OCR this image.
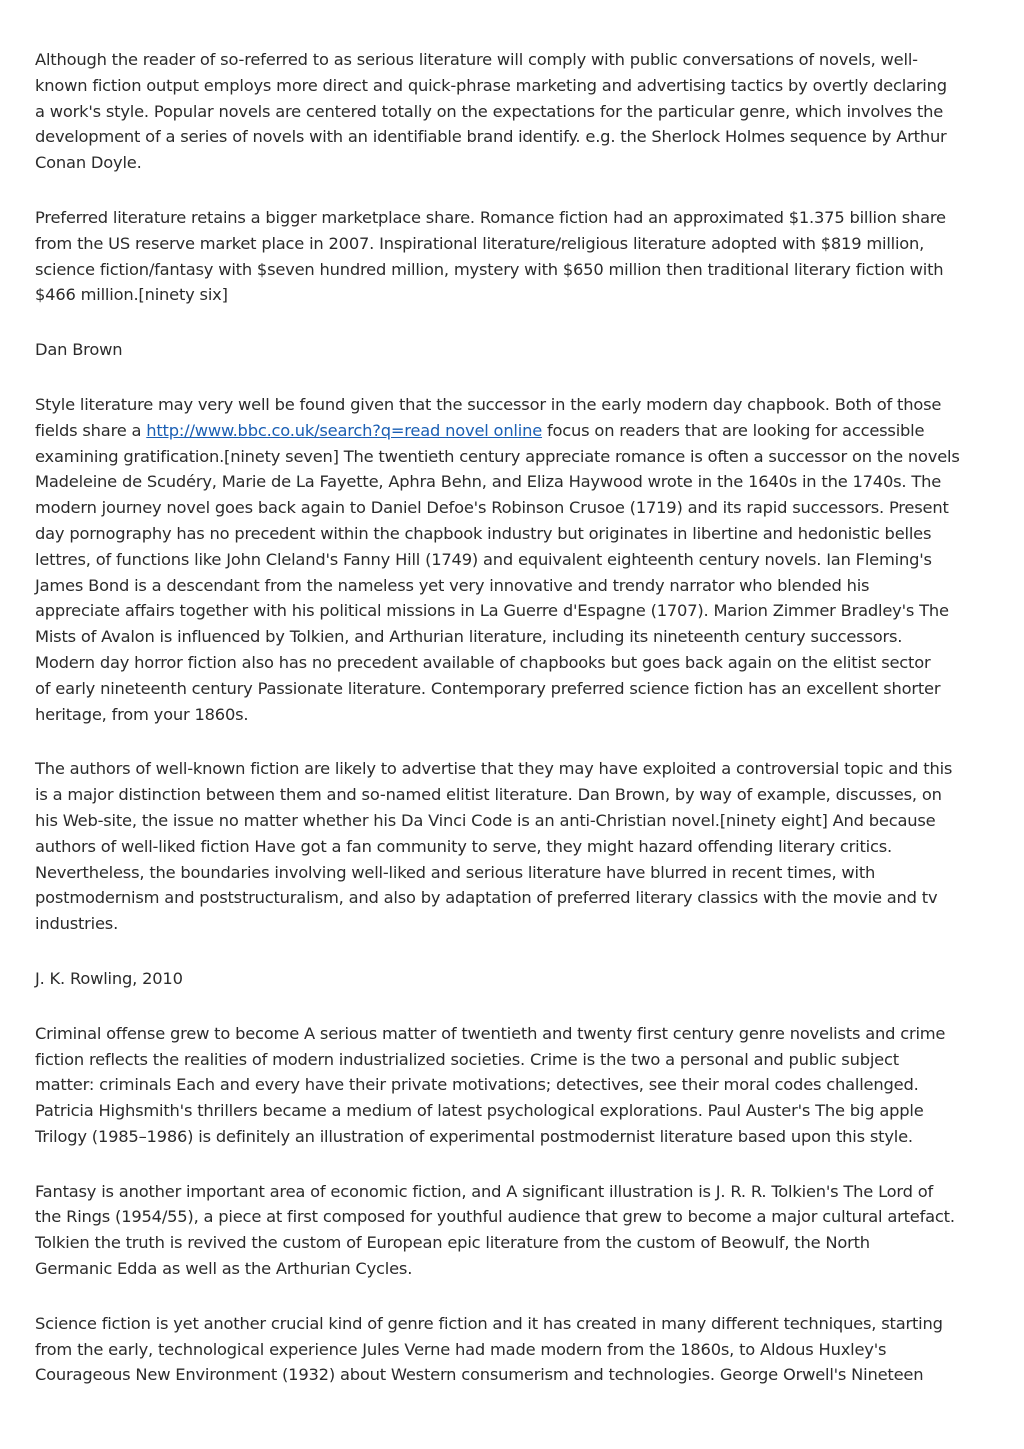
Although the reader of so-referred to as serious literature will comply with public conversations of novels, well-
known fiction output employs more direct and quick-phrase marketing and advertising tactics by overtly declaring
a work's style. Popular novels are centered totally on the expectations for the particular genre, which involves the
development of a series of novels with an identifiable brand identify. e.g. the Sherlock Holmes sequence by Arthur
Conan Doyle.

Preferred literature retains a bigger marketplace share. Romance fiction had an approximated $1.375 billion share
from the US reserve market place in 2007. Inspirational literature/religious literature adopted with $819 million,
science fiction/fantasy with $seven hundred million, mystery with $650 million then traditional literary fiction with
$466 million.[ninety six]

Dan Brown

Style literature may very well be found given that the successor in the early modern day chapbook. Both of those
fields share a http://www.bbc.co.uk/search?q=read novel online focus on readers that are looking for accessible
examining gratification.[ninety seven] The twentieth century appreciate romance is often a successor on the novels
Madeleine de Scudéry, Marie de La Fayette, Aphra Behn, and Eliza Haywood wrote in the 1640s in the 1740s. The
modern journey novel goes back again to Daniel Defoe's Robinson Crusoe (1719) and its rapid successors. Present
day pornography has no precedent within the chapbook industry but originates in libertine and hedonistic belles
lettres, of functions like John Cleland's Fanny Hill (1749) and equivalent eighteenth century novels. Ian Fleming's
James Bond is a descendant from the nameless yet very innovative and trendy narrator who blended his
appreciate affairs together with his political missions in La Guerre d'Espagne (1707). Marion Zimmer Bradley's The
Mists of Avalon is influenced by Tolkien, and Arthurian literature, including its nineteenth century successors.
Modern day horror fiction also has no precedent available of chapbooks but goes back again on the elitist sector
of early nineteenth century Passionate literature. Contemporary preferred science fiction has an excellent shorter
heritage, from your 1860s.

The authors of well-known fiction are likely to advertise that they may have exploited a controversial topic and this
is a major distinction between them and so-named elitist literature. Dan Brown, by way of example, discusses, on
his Web-site, the issue no matter whether his Da Vinci Code is an anti-Christian novel.[ninety eight] And because
authors of well-liked fiction Have got a fan community to serve, they might hazard offending literary critics.
Nevertheless, the boundaries involving well-liked and serious literature have blurred in recent times, with
postmodernism and poststructuralism, and also by adaptation of preferred literary classics with the movie and tv
industries.

J. K. Rowling, 2010

Criminal offense grew to become A serious matter of twentieth and twenty first century genre novelists and crime
fiction reflects the realities of modern industrialized societies. Crime is the two a personal and public subject
matter: criminals Each and every have their private motivations; detectives, see their moral codes challenged.
Patricia Highsmith's thrillers became a medium of latest psychological explorations. Paul Auster's The big apple
Trilogy (1985–1986) is definitely an illustration of experimental postmodernist literature based upon this style.

Fantasy is another important area of economic fiction, and A significant illustration is J. R. R. Tolkien's The Lord of
the Rings (1954/55), a piece at first composed for youthful audience that grew to become a major cultural artefact.
Tolkien the truth is revived the custom of European epic literature from the custom of Beowulf, the North
Germanic Edda as well as the Arthurian Cycles.

Science fiction is yet another crucial kind of genre fiction and it has created in many different techniques, starting
from the early, technological experience Jules Verne had made modern from the 1860s, to Aldous Huxley's
Courageous New Environment (1932) about Western consumerism and technologies. George Orwell's Nineteen
